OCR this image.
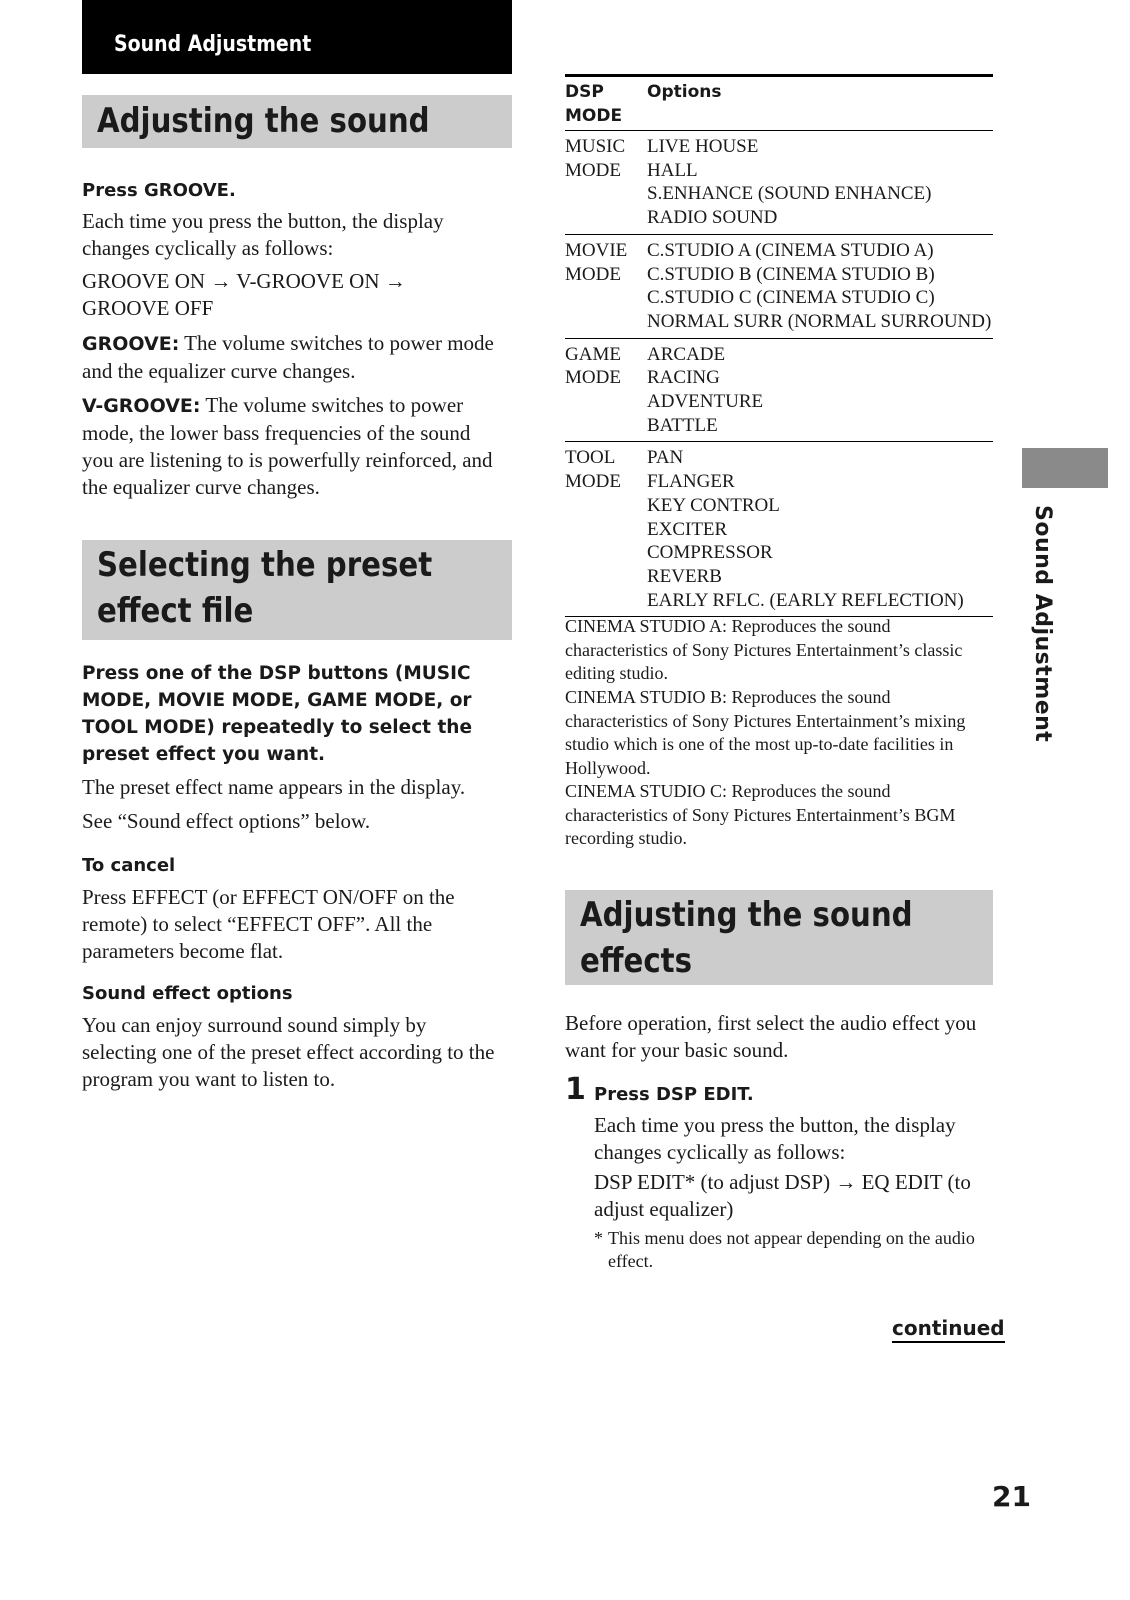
Sound Adjustment
Adjusting the sound
Press GROOVE.

Each time you press the button, the display changes cyclically as follows:

GROOVE ON → V-GROOVE ON →
GROOVE OFF

GROOVE: The volume switches to power mode and the equalizer curve changes.

V-GROOVE: The volume switches to power mode, the lower bass frequencies of the sound you are listening to is powerfully reinforced, and the equalizer curve changes.

Selecting the preset
effect file

Press one of the DSP buttons (MUSIC MODE, MOVIE MODE, GAME MODE, or TOOL MODE) repeatedly to select the preset effect you want.

The preset effect name appears in the display.

See “Sound effect options” below.

To cancel

Press EFFECT (or EFFECT ON/OFF on the remote) to select “EFFECT OFF”. All the parameters become flat.

Sound effect options

You can enjoy surround sound simply by selecting one of the preset effect according to the program you want to listen to.

DSP
MODE
Options
MUSIC
MODE
LIVE HOUSE
HALL
S.ENHANCE (SOUND ENHANCE)
RADIO SOUND
MOVIE
MODE
C.STUDIO A (CINEMA STUDIO A)
C.STUDIO B (CINEMA STUDIO B)
C.STUDIO C (CINEMA STUDIO C)
NORMAL SURR (NORMAL SURROUND)
GAME
MODE
ARCADE
RACING
ADVENTURE
BATTLE
TOOL
MODE
PAN
FLANGER
KEY CONTROL
EXCITER
COMPRESSOR
REVERB
EARLY RFLC. (EARLY REFLECTION)

CINEMA STUDIO A: Reproduces the sound characteristics of Sony Pictures Entertainment’s classic editing studio.

CINEMA STUDIO B: Reproduces the sound characteristics of Sony Pictures Entertainment’s mixing studio which is one of the most up-to-date facilities in Hollywood.

CINEMA STUDIO C: Reproduces the sound characteristics of Sony Pictures Entertainment’s BGM recording studio.

Adjusting the sound
effects

Before operation, first select the audio effect you want for your basic sound.

1 Press DSP EDIT.

Each time you press the button, the display changes cyclically as follows:

DSP EDIT* (to adjust DSP) → EQ EDIT (to adjust equalizer)

* This menu does not appear depending on the audio effect.
continued
Sound Adjustment
21
